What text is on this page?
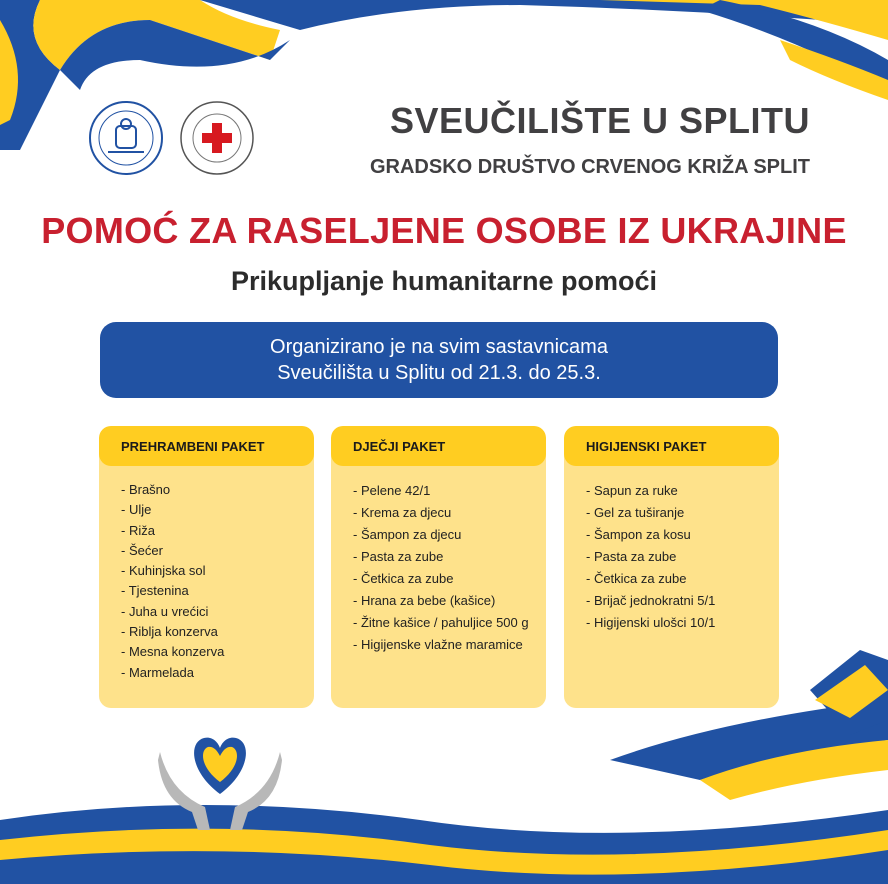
SVEUČILIŠTE U SPLITU
GRADSKO DRUŠTVO CRVENOG KRIŽA SPLIT
POMOĆ ZA RASELJENE OSOBE IZ UKRAJINE
Prikupljanje humanitarne pomoći
Organizirano je na svim sastavnicama
Sveučilišta u Splitu od 21.3. do 25.3.
PREHRAMBENI PAKET
- Brašno
- Ulje
- Riža
- Šećer
- Kuhinjska sol
- Tjestenina
- Juha u vrećici
- Riblja konzerva
- Mesna konzerva
- Marmelada
DJEČJI PAKET
- Pelene 42/1
- Krema za djecu
- Šampon za djecu
- Pasta za zube
- Četkica za zube
- Hrana za bebe (kašice)
- Žitne kašice / pahuljice 500 g
- Higijenske vlažne maramice
HIGIJENSKI PAKET
- Sapun za ruke
- Gel za tuširanje
- Šampon za kosu
- Pasta za zube
- Četkica za zube
- Brijač jednokratni 5/1
- Higijenski ulošci 10/1
